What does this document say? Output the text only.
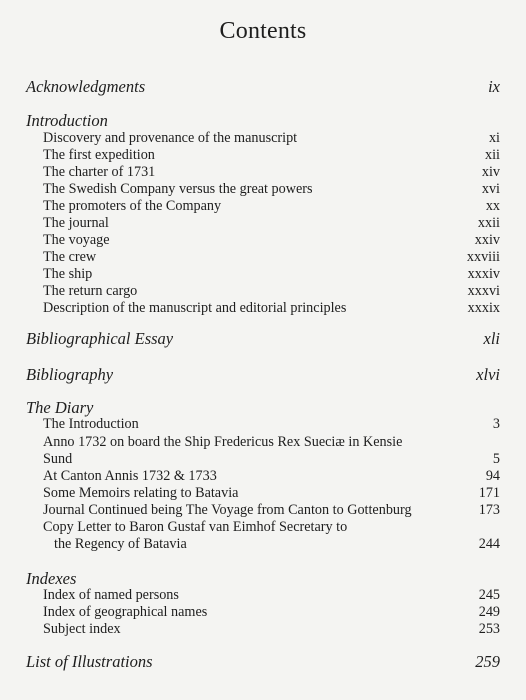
Contents
Acknowledgments	ix
Introduction
Discovery and provenance of the manuscript	xi
The first expedition	xii
The charter of 1731	xiv
The Swedish Company versus the great powers	xvi
The promoters of the Company	xx
The journal	xxii
The voyage	xxiv
The crew	xxviii
The ship	xxxiv
The return cargo	xxxvi
Description of the manuscript and editorial principles	xxxix
Bibliographical Essay	xli
Bibliography	xlvi
The Diary
The Introduction	3
Anno 1732 on board the Ship Fredericus Rex Sueciæ in Kensie
Sund	5
At Canton Annis 1732 & 1733	94
Some Memoirs relating to Batavia	171
Journal Continued being The Voyage from Canton to Gottenburg	173
Copy Letter to Baron Gustaf van Eimhof Secretary to
the Regency of Batavia	244
Indexes
Index of named persons	245
Index of geographical names	249
Subject index	253
List of Illustrations	259
